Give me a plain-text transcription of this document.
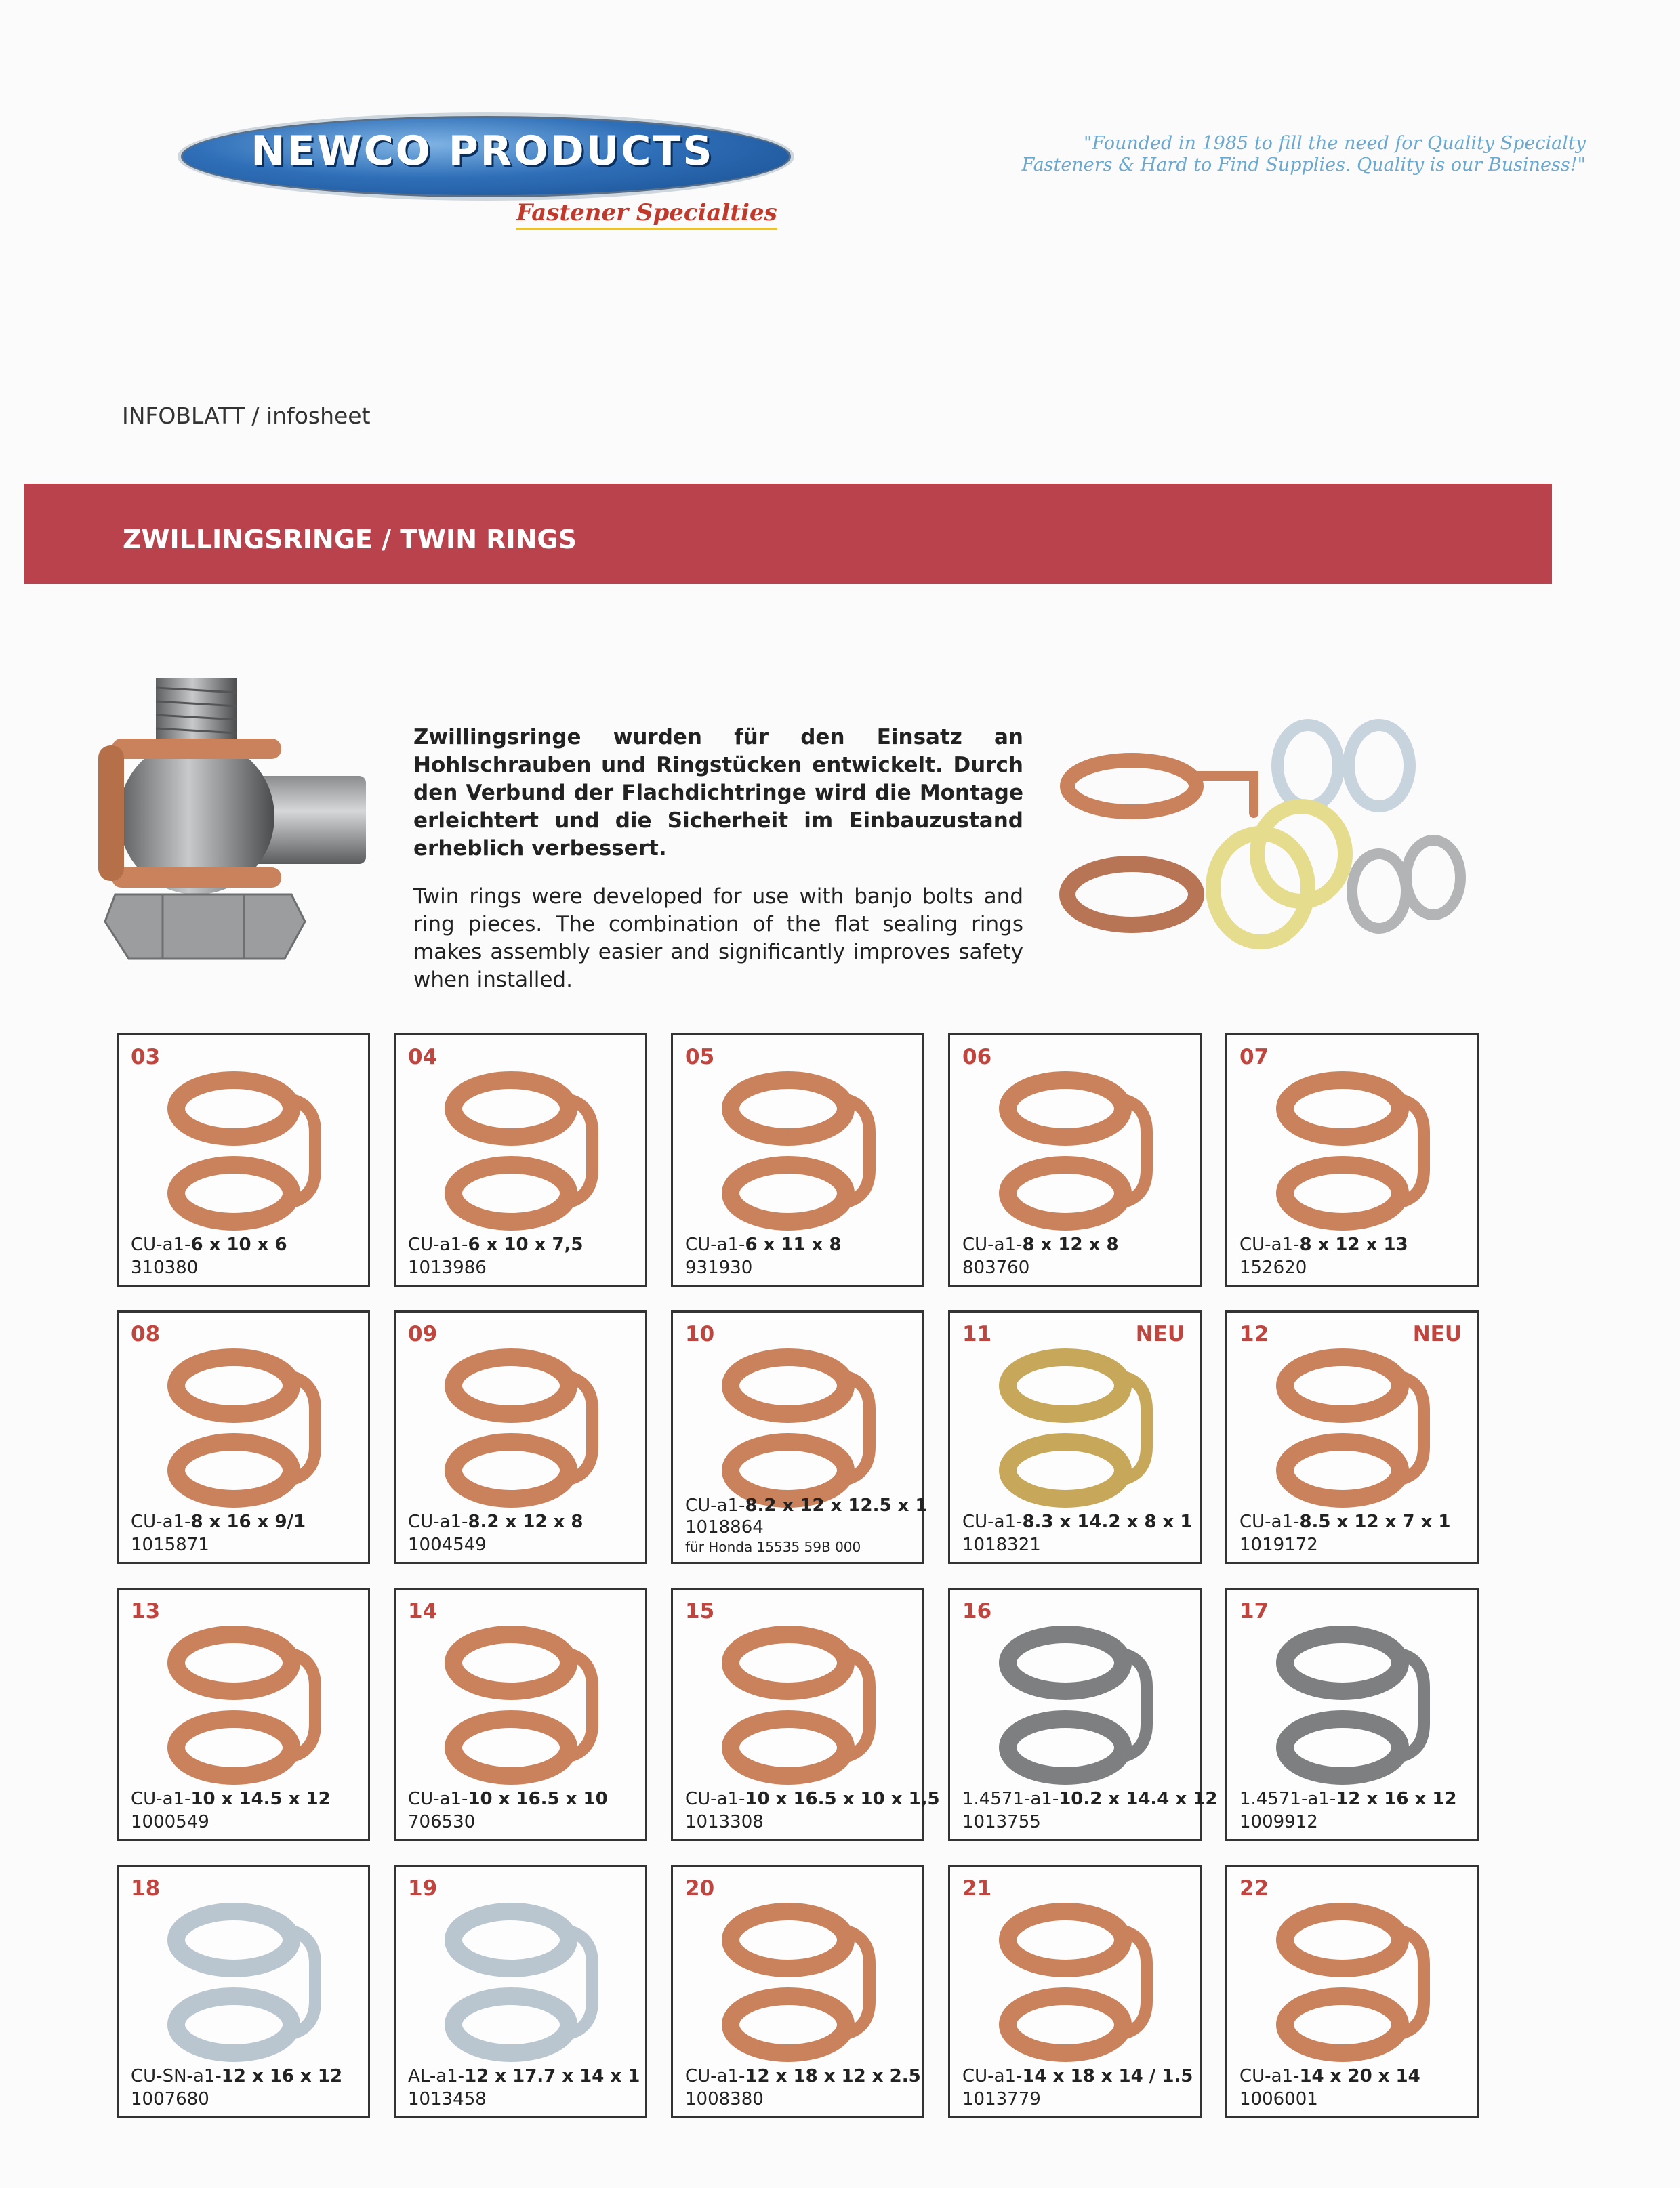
NEWCO PRODUCTS
Fastener Specialties
"Founded in 1985 to fill the need for Quality Specialty
Fasteners & Hard to Find Supplies. Quality is our Business!"
INFOBLATT / infosheet
ZWILLINGSRINGE / TWIN RINGS

Zwillingsringe wurden für den Einsatz an Hohlschrauben und Ringstücken entwickelt. Durch den Verbund der Flachdichtringe wird die Montage erleichtert und die Sicherheit im Einbauzustand erheblich verbessert.

Twin rings were developed for use with banjo bolts and ring pieces. The combination of the flat sealing rings makes assembly easier and significantly improves safety when installed.

03
CU-a1-6 x 10 x 6
310380
04
CU-a1-6 x 10 x 7,5
1013986
05
CU-a1-6 x 11 x 8
931930
06
CU-a1-8 x 12 x 8
803760
07
CU-a1-8 x 12 x 13
152620
08
CU-a1-8 x 16 x 9/1
1015871
09
CU-a1-8.2 x 12 x 8
1004549
10
CU-a1-8.2 x 12 x 12.5 x 1
1018864
für Honda 15535 59B 000
11	NEU
CU-a1-8.3 x 14.2 x 8 x 1
1018321
12	NEU
CU-a1-8.5 x 12 x 7 x 1
1019172
13
CU-a1-10 x 14.5 x 12
1000549
14
CU-a1-10 x 16.5 x 10
706530
15
CU-a1-10 x 16.5 x 10 x 1,5
1013308
16
1.4571-a1-10.2 x 14.4 x 12
1013755
17
1.4571-a1-12 x 16 x 12
1009912
18
CU-SN-a1-12 x 16 x 12
1007680
19
AL-a1-12 x 17.7 x 14 x 1
1013458
20
CU-a1-12 x 18 x 12 x 2.5
1008380
21
CU-a1-14 x 18 x 14 / 1.5
1013779
22
CU-a1-14 x 20 x 14
1006001
